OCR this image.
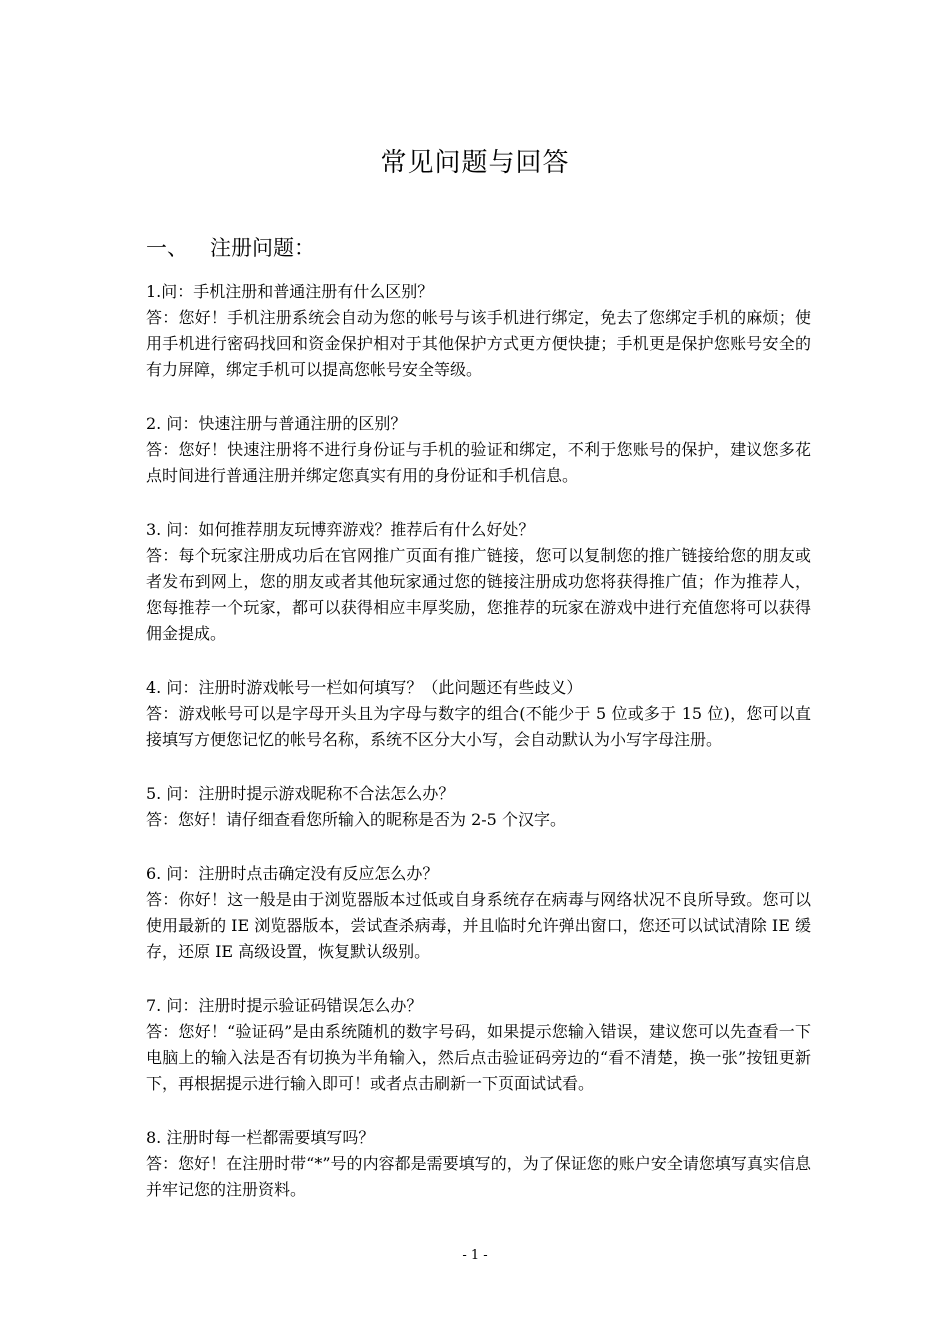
常见问题与回答
一、 注册问题：

1.问：手机注册和普通注册有什么区别？

答：您好！手机注册系统会自动为您的帐号与该手机进行绑定，免去了您绑定手机的麻烦；使用手机进行密码找回和资金保护相对于其他保护方式更方便快捷；手机更是保护您账号安全的有力屏障，绑定手机可以提高您帐号安全等级。

2. 问：快速注册与普通注册的区别？

答：您好！快速注册将不进行身份证与手机的验证和绑定，不利于您账号的保护，建议您多花点时间进行普通注册并绑定您真实有用的身份证和手机信息。

3. 问：如何推荐朋友玩博弈游戏？推荐后有什么好处？

答：每个玩家注册成功后在官网推广页面有推广链接，您可以复制您的推广链接给您的朋友或者发布到网上，您的朋友或者其他玩家通过您的链接注册成功您将获得推广值；作为推荐人，您每推荐一个玩家，都可以获得相应丰厚奖励，您推荐的玩家在游戏中进行充值您将可以获得佣金提成。

4. 问：注册时游戏帐号一栏如何填写？（此问题还有些歧义）

答：游戏帐号可以是字母开头且为字母与数字的组合(不能少于 5 位或多于 15 位)，您可以直接填写方便您记忆的帐号名称，系统不区分大小写，会自动默认为小写字母注册。

5. 问：注册时提示游戏昵称不合法怎么办？

答：您好！请仔细查看您所输入的昵称是否为 2-5 个汉字。

6. 问：注册时点击确定没有反应怎么办？

答：你好！这一般是由于浏览器版本过低或自身系统存在病毒与网络状况不良所导致。您可以使用最新的 IE 浏览器版本，尝试查杀病毒，并且临时允许弹出窗口，您还可以试试清除 IE 缓存，还原 IE 高级设置，恢复默认级别。

7. 问：注册时提示验证码错误怎么办？

答：您好！“验证码”是由系统随机的数字号码，如果提示您输入错误，建议您可以先查看一下电脑上的输入法是否有切换为半角输入，然后点击验证码旁边的“看不清楚，换一张”按钮更新下，再根据提示进行输入即可！或者点击刷新一下页面试试看。

8. 注册时每一栏都需要填写吗？

答：您好！在注册时带“*”号的内容都是需要填写的，为了保证您的账户安全请您填写真实信息并牢记您的注册资料。

- 1 -
